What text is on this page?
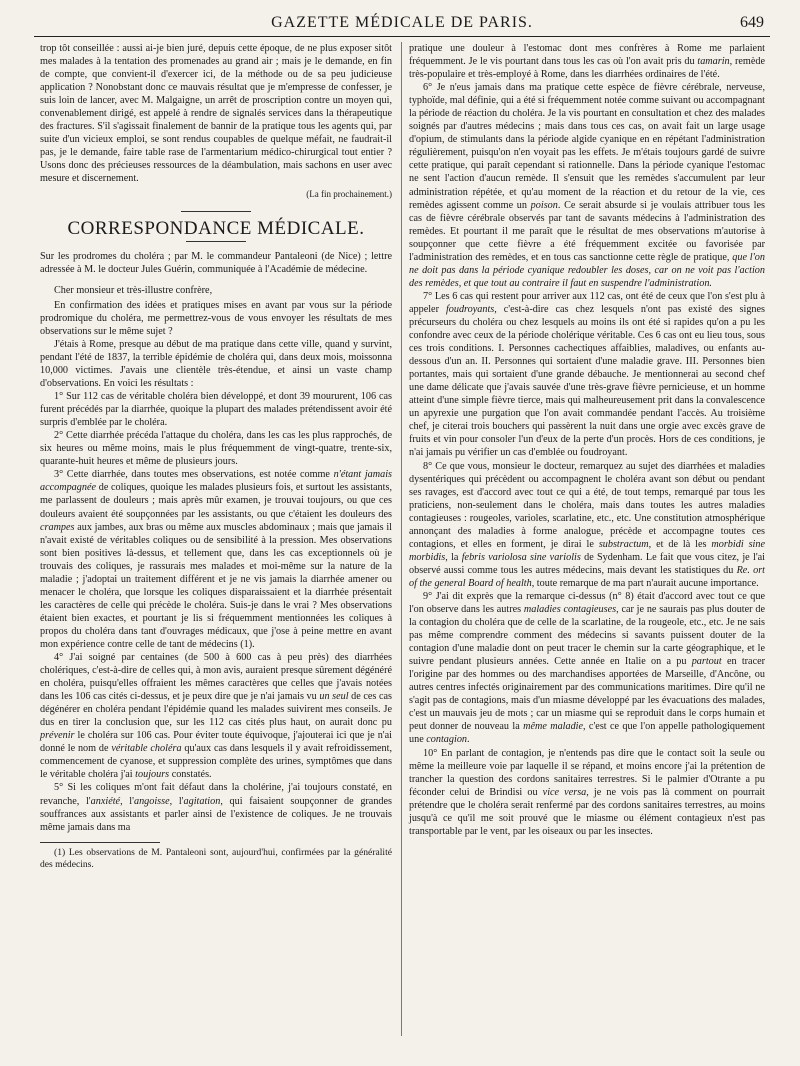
GAZETTE MÉDICALE DE PARIS.	649

trop tôt conseillée : aussi ai-je bien juré, depuis cette époque, de ne plus exposer sitôt mes malades à la tentation des promenades au grand air ; mais je le demande, en fin de compte, que convient-il d'exercer ici, de la méthode ou de sa peu judicieuse application ? Nonobstant donc ce mauvais résultat que je m'empresse de confesser, je suis loin de lancer, avec M. Malgaigne, un arrêt de proscription contre un moyen qui, convenablement dirigé, est appelé à rendre de signalés services dans la thérapeutique des fractures. S'il s'agissait finalement de bannir de la pratique tous les agents qui, par suite d'un vicieux emploi, se sont rendus coupables de quelque méfait, ne faudrait-il pas, je le demande, faire table rase de l'armentarium médico-chirurgical tout entier ? Usons donc des précieuses ressources de la déambulation, mais sachons en user avec mesure et discernement.

(La fin prochainement.)
CORRESPONDANCE MÉDICALE.

Sur les prodromes du choléra ; par M. le commandeur Pantaleoni (de Nice) ; lettre adressée à M. le docteur Jules Guérin, communiquée à l'Académie de médecine.

Cher monsieur et très-illustre confrère,

En confirmation des idées et pratiques mises en avant par vous sur la période prodromique du choléra, me permettrez-vous de vous envoyer les résultats de mes observations sur le même sujet ?

J'étais à Rome, presque au début de ma pratique dans cette ville, quand y survint, pendant l'été de 1837, la terrible épidémie de choléra qui, dans deux mois, moissonna 10,000 victimes. J'avais une clientèle très-étendue, et ainsi un vaste champ d'observations. En voici les résultats :

1° Sur 112 cas de véritable choléra bien développé, et dont 39 moururent, 106 cas furent précédés par la diarrhée, quoique la plupart des malades prétendissent avoir été surpris d'emblée par le choléra.

2° Cette diarrhée précéda l'attaque du choléra, dans les cas les plus rapprochés, de six heures ou même moins, mais le plus fréquemment de vingt-quatre, trente-six, quarante-huit heures et même de plusieurs jours.

3° Cette diarrhée, dans toutes mes observations, est notée comme n'étant jamais accompagnée de coliques, quoique les malades plusieurs fois, et surtout les assistants, me parlassent de douleurs ; mais après mûr examen, je trouvai toujours, ou que ces douleurs avaient été soupçonnées par les assistants, ou que c'étaient les douleurs des crampes aux jambes, aux bras ou même aux muscles abdominaux ; mais que jamais il n'avait existé de véritables coliques ou de sensibilité à la pression. Mes observations sont bien positives là-dessus, et tellement que, dans les cas exceptionnels où je trouvais des coliques, je rassurais mes malades et moi-même sur la nature de la maladie ; j'adoptai un traitement différent et je ne vis jamais la diarrhée amener ou menacer le choléra, que lorsque les coliques disparaissaient et la diarrhée présentait les caractères de celle qui précède le choléra. Suis-je dans le vrai ? Mes observations étaient bien exactes, et pourtant je lis si fréquemment mentionnées les coliques à propos du choléra dans tant d'ouvrages médicaux, que j'ose à peine mettre en avant mon expérience contre celle de tant de médecins (1).

4° J'ai soigné par centaines (de 500 à 600 cas à peu près) des diarrhées cholériques, c'est-à-dire de celles qui, à mon avis, auraient presque sûrement dégénéré en choléra, puisqu'elles offraient les mêmes caractères que celles que j'avais notées dans les 106 cas cités ci-dessus, et je peux dire que je n'ai jamais vu un seul de ces cas dégénérer en choléra pendant l'épidémie quand les malades suivirent mes conseils. Je dus en tirer la conclusion que, sur les 112 cas cités plus haut, on aurait donc pu prévenir le choléra sur 106 cas. Pour éviter toute équivoque, j'ajouterai ici que je n'ai donné le nom de véritable choléra qu'aux cas dans lesquels il y avait refroidissement, commencement de cyanose, et suppression complète des urines, symptômes que dans le véritable choléra j'ai toujours constatés.

5° Si les coliques m'ont fait défaut dans la cholérine, j'ai toujours constaté, en revanche, l'anxiété, l'angoisse, l'agitation, qui faisaient soupçonner de grandes souffrances aux assistants et parler ainsi de l'existence de coliques. Je ne trouvais même jamais dans ma

(1) Les observations de M. Pantaleoni sont, aujourd'hui, confirmées par la généralité des médecins.

pratique une douleur à l'estomac dont mes confrères à Rome me parlaient fréquemment. Je le vis pourtant dans tous les cas où l'on avait pris du tamarin, remède très-populaire et très-employé à Rome, dans les diarrhées ordinaires de l'été.

6° Je n'eus jamais dans ma pratique cette espèce de fièvre cérébrale, nerveuse, typhoïde, mal définie, qui a été si fréquemment notée comme suivant ou accompagnant la période de réaction du choléra. Je la vis pourtant en consultation et chez des malades soignés par d'autres médecins ; mais dans tous ces cas, on avait fait un large usage d'opium, de stimulants dans la période algide cyanique en en répétant l'administration régulièrement, puisqu'on n'en voyait pas les effets. Je m'étais toujours gardé de suivre cette pratique, qui paraît cependant si rationnelle. Dans la période cyanique l'estomac ne sent l'action d'aucun remède. Il s'ensuit que les remèdes s'accumulent par leur administration répétée, et qu'au moment de la réaction et du retour de la vie, ces remèdes agissent comme un poison. Ce serait absurde si je voulais attribuer tous les cas de fièvre cérébrale observés par tant de savants médecins à l'administration des remèdes. Et pourtant il me paraît que le résultat de mes observations m'autorise à soupçonner que cette fièvre a été fréquemment excitée ou favorisée par l'administration des remèdes, et en tous cas sanctionne cette règle de pratique, que l'on ne doit pas dans la période cyanique redoubler les doses, car on ne voit pas l'action des remèdes, et que tout au contraire il faut en suspendre l'administration.

7° Les 6 cas qui restent pour arriver aux 112 cas, ont été de ceux que l'on s'est plu à appeler foudroyants, c'est-à-dire cas chez lesquels n'ont pas existé des signes précurseurs du choléra ou chez lesquels au moins ils ont été si rapides qu'on a pu les confondre avec ceux de la période cholérique véritable. Ces 6 cas ont eu lieu tous, sous ces trois conditions. I. Personnes cachectiques affaiblies, maladives, ou enfants au-dessous d'un an. II. Personnes qui sortaient d'une maladie grave. III. Personnes bien portantes, mais qui sortaient d'une grande débauche. Je mentionnerai au second chef une dame délicate que j'avais sauvée d'une très-grave fièvre pernicieuse, et un homme atteint d'une simple fièvre tierce, mais qui malheureusement prit dans la convalescence un apyrexie une purgation que l'on avait commandée pendant l'accès. Au troisième chef, je citerai trois bouchers qui passèrent la nuit dans une orgie avec excès grave de fruits et vin pour consoler l'un d'eux de la perte d'un procès. Hors de ces conditions, je n'ai jamais pu vérifier un cas d'emblée ou foudroyant.

8° Ce que vous, monsieur le docteur, remarquez au sujet des diarrhées et maladies dysentériques qui précèdent ou accompagnent le choléra avant son début ou pendant ses ravages, est d'accord avec tout ce qui a été, de tout temps, remarqué par tous les praticiens, non-seulement dans le choléra, mais dans toutes les autres maladies contagieuses : rougeoles, varioles, scarlatine, etc., etc. Une constitution atmosphérique annonçant des maladies à forme analogue, précède et accompagne toutes ces contagions, et elles en forment, je dirai le substractum, et de là les morbidi sine morbidis, la febris variolosa sine variolis de Sydenham. Le fait que vous citez, je l'ai observé aussi comme tous les autres médecins, mais devant les statistiques du Re. ort of the general Board of health, toute remarque de ma part n'aurait aucune importance.

9° J'ai dit exprès que la remarque ci-dessus (n° 8) était d'accord avec tout ce que l'on observe dans les autres maladies contagieuses, car je ne saurais pas plus douter de la contagion du choléra que de celle de la scarlatine, de la rougeole, etc., etc. Je ne sais pas même comprendre comment des médecins si savants puissent douter de la contagion d'une maladie dont on peut tracer le chemin sur la carte géographique, et le suivre pendant plusieurs années. Cette année en Italie on a pu partout en tracer l'origine par des hommes ou des marchandises apportées de Marseille, d'Ancône, ou autres centres infectés originairement par des communications maritimes. Dire qu'il ne s'agit pas de contagions, mais d'un miasme développé par les évacuations des malades, c'est un mauvais jeu de mots ; car un miasme qui se reproduit dans le corps humain et peut donner de nouveau la même maladie, c'est ce que l'on appelle pathologiquement une contagion.

10° En parlant de contagion, je n'entends pas dire que le contact soit la seule ou même la meilleure voie par laquelle il se répand, et moins encore j'ai la prétention de trancher la question des cordons sanitaires terrestres. Si le palmier d'Otrante a pu féconder celui de Brindisi ou vice versa, je ne vois pas là comment on pourrait prétendre que le choléra serait renfermé par des cordons sanitaires terrestres, au moins jusqu'à ce qu'il me soit prouvé que le miasme ou élément contagieux n'est pas transportable par le vent, par les oiseaux ou par les insectes.
